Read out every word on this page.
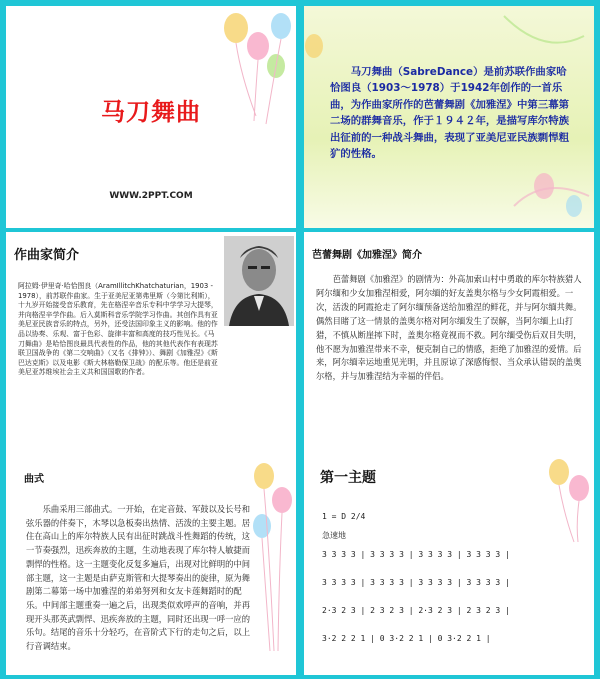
马刀舞曲
WWW.2PPT.COM
马刀舞曲（SabreDance）是前苏联作曲家哈恰图良（1903～1978）于1942年创作的一首乐曲，为作曲家所作的芭蕾舞剧《加雅涅》中第三幕第二场的群舞音乐，作于１９４２年，是描写库尔特族出征前的一种战斗舞曲，表现了亚美尼亚民族剽悍粗犷的性格。
作曲家简介
阿拉姆·伊里奇·哈恰图良（AramIllitchKhatchaturian，1903 - 1978），前苏联作曲家。生于亚美尼亚第弗里斯（今第比利斯），十九岁开始接受音乐教育，先在格涅辛音乐专科中学学习大提琴，并向格涅辛学作曲。后入莫斯科音乐学院学习作曲。其创作具有亚美尼亚民族音乐的特点，另外，还受法国印象主义的影响。他的作品以协奏、乐观、富于色彩、旋律丰富和高度的技巧性见长。《马刀舞曲》是哈恰图良最具代表性的作品，他的其他代表作有表现苏联卫国战争的《第二交响曲》（又名《排钟》）、舞剧《加雅涅》《斯巴达克斯》以及电影《斯大林格勒保卫战》的配乐等。他还是前亚美尼亚苏维埃社会主义共和国国歌的作者。
芭蕾舞剧《加雅涅》简介
芭蕾舞剧《加雅涅》的剧情为：外高加索山村中勇敢的库尔特族猎人阿尔缅和少女加雅涅相爱，阿尔缅的好友盖奥尔格与少女阿霞相爱。一次，活泼的阿霞抢走了阿尔缅预备送给加雅涅的鲜花，并与阿尔缅共舞。偶然目睹了这一情景的盖奥尔格对阿尔缅发生了误解，当阿尔缅上山打猎，不慎从断崖摔下时，盖奥尔格竟视而不救。阿尔缅受伤后双目失明，他不愿为加雅涅带来不幸，便克制自己的情感，拒绝了加雅涅的爱情。后来，阿尔缅幸运地重见光明，并且原谅了深感悔恨、当众承认错误的盖奥尔格，并与加雅涅结为幸福的伴侣。
曲式
乐曲采用三部曲式。一开始，在定音鼓、军鼓以及长号和弦乐器的伴奏下，木琴以急板奏出热情、活泼的主要主题。居住在高山上的库尔特族人民有出征时跳战斗性舞蹈的传统，这一节奏强烈，迅疾奔放的主题，生动地表现了库尔特人敏捷而剽悍的性格。这一主题变化反复多遍后，出现对比鲜明的中间部主题，这一主题是由萨克斯管和大提琴奏出的旋律，原为舞剧第二幕第一场中加雅涅的弟弟努列和女友卡莲舞蹈时的配乐。中间部主题重奏一遍之后，出现类似欢呼声的音响，并再现开头那英武剽悍、迅疾奔放的主题，同时还出现一呼一应的乐句。结尾的音乐十分轻巧，在音阶式下行的走句之后，以上行音调结束。
第一主题
1 = D 2/4
急速地
3 3 3 3 | 3 3 3 3 | 3 3 3 3 | 3 3 3 3 |
3 3 3 3 | 3 3 3 3 | 3 3 3 3 | 3 3 3 3 |
2·3 2 3 | 2 3 2 3 | 2·3 2 3 | 2 3 2 3 |
3·2 2 2 1 | 0 3·2 2 1 | 0 3·2 2 1 |
